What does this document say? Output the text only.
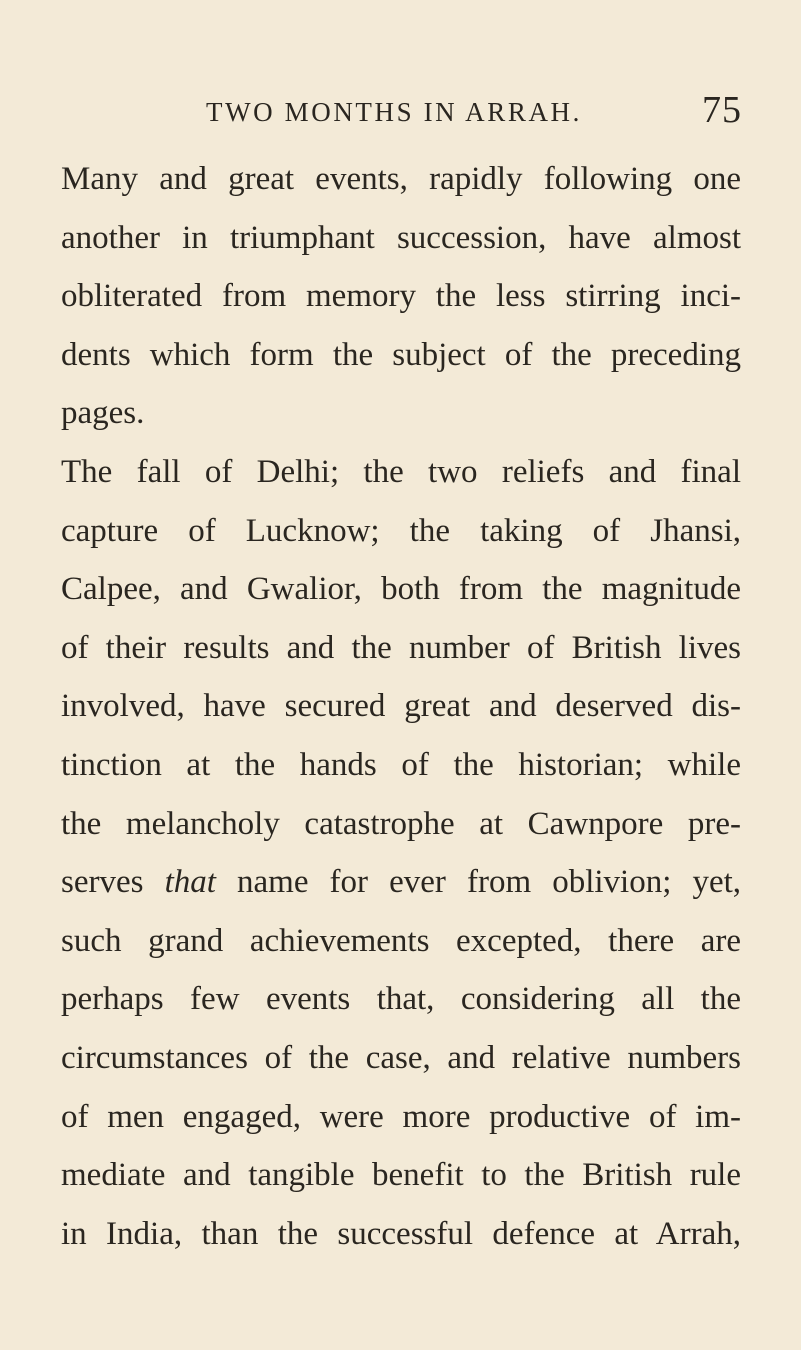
TWO MONTHS IN ARRAH.	75
Many and great events, rapidly following one
another in triumphant succession, have almost
obliterated from memory the less stirring inci-
dents which form the subject of the preceding
pages.
The fall of Delhi; the two reliefs and final
capture of Lucknow; the taking of Jhansi,
Calpee, and Gwalior, both from the magnitude
of their results and the number of British lives
involved, have secured great and deserved dis-
tinction at the hands of the historian; while
the melancholy catastrophe at Cawnpore pre-
serves that name for ever from oblivion; yet,
such grand achievements excepted, there are
perhaps few events that, considering all the
circumstances of the case, and relative numbers
of men engaged, were more productive of im-
mediate and tangible benefit to the British rule
in India, than the successful defence at Arrah,
